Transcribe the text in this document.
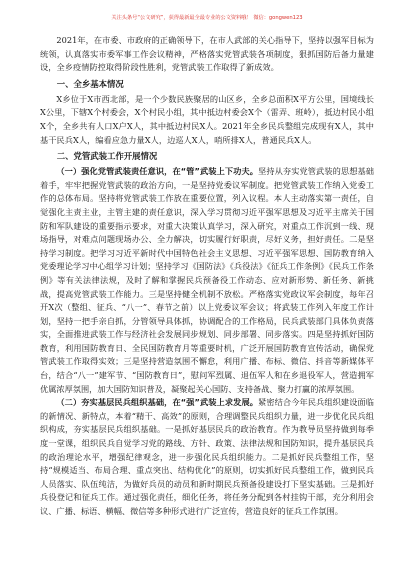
关注头条号“公文研究”，获得最新最全最专业的公文资料哦！ 微信：gongwen123

2021年，在市委、市政府的正确领导下，在市人武部的关心指导下，坚持以强军目标为统领，认真落实市委军事工作会议精神，严格落实党管武装各项制度，狠抓国防后备力量建设，全乡疫情防控取得阶段性胜利，党管武装工作取得了新成效。

一、全乡基本情况

X乡位于X市西北部，是一个少数民族聚居的山区乡，全乡总面积X平方公里，国境线长X公里，下辖X个村委会，X个村民小组，其中抵边村委会X个（雷弄、班岭），抵边村民小组X个，全乡共有人口X户X人，其中抵边村民X人。2021年全乡民兵整组完成现有X人，其中基干民兵X人，编看应急力量X人，边巡人X人，哨所排X人，普通民兵X人。

二、党管武装工作开展情况

（一）强化党管武装责任意识，在“管”武装上下功夫。坚持从夯实党管武装的思想基础着手，牢牢把握党管武装的政治方向，一是坚持党委议军制度。把党管武装工作纳入党委工作的总体布局。坚持将党管武装工作放在重要位置，列入议程。本人主动落实第一责任，自觉强化主责主业，主管主建的责任意识，深入学习贯彻习近平强军思想及习近平主席关于国防和军队建设的重要指示要求，对重大决策认真学习，深入研究，对重点工作沉到一线、现场指导，对难点问题现场办公、全力解决，切实履行好职责，尽好义务，担好责任。二是坚持学习制度。把学习习近平新时代中国特色社会主义思想、习近平强军思想、国防教育纳入党委理论学习中心组学习计划；坚持学习《国防法》《兵役法》《征兵工作条例》《民兵工作条例》等有关法律法规，及时了解和掌握民兵预备役工作动态、应对新形势、新任务、新挑战，提高党管武装工作能力。三是坚持健全机制不放松。严格落实党政议军会制度，每年召开X次（整组、征兵、“八一”、春节之前）以上党委议军会议；将武装工作列入年度工作计划，坚持一把手亲自抓，分管领导具体抓，协调配合的工作格局，民兵武装部门具体负责落实，全面推进武装工作与经济社会发展同步规划、同步部署、同步落实。四是坚持抓好国防教育，利用国防教育日、全民国防教育月等重要时机，广泛开展国防教育宣传活动，确保党管武装工作取得实效；三是坚持营造氛围不懈怠，利用广播、布标、微信、抖音等新媒体平台，结合“八一”建军节、“国防教育日”，慰问军烈属、退伍军人和在乡退役军人，营造拥军优属浓厚氛围，加大国防知识普及，凝聚起关心国防、支持备战、聚力打赢的浓厚氛围。

（二）夯实基层民兵组织基础，在“强”武装上求发展。紧密结合今年民兵组织建设面临的新情况、新特点，本着“精干、高效”的原则，合理调整民兵组织力量，进一步优化民兵组织构成，夯实基层民兵组织基础。一是抓好基层民兵的政治教育。作为教导员坚持做到每季度一堂课，组织民兵自觉学习党的路线、方针、政策、法律法规和国防知识，提升基层民兵的政治理论水平，增强纪律观念，进一步强化民兵组织能力。二是抓好民兵整组工作，坚持“规模适当、布局合理、重点突出、结构优化”的原则，切实抓好民兵整组工作，做到民兵人员落实、队伍纯洁，为做好兵员的动员和新时期民兵预备役建设打下坚实基础。三是抓好兵役登记和征兵工作。通过强化责任，细化任务，将任务分配到各村挂钩干部，充分利用会议、广播、标语、横幅、微信等多种形式进行广泛宣传，营造良好的征兵工作氛围。
